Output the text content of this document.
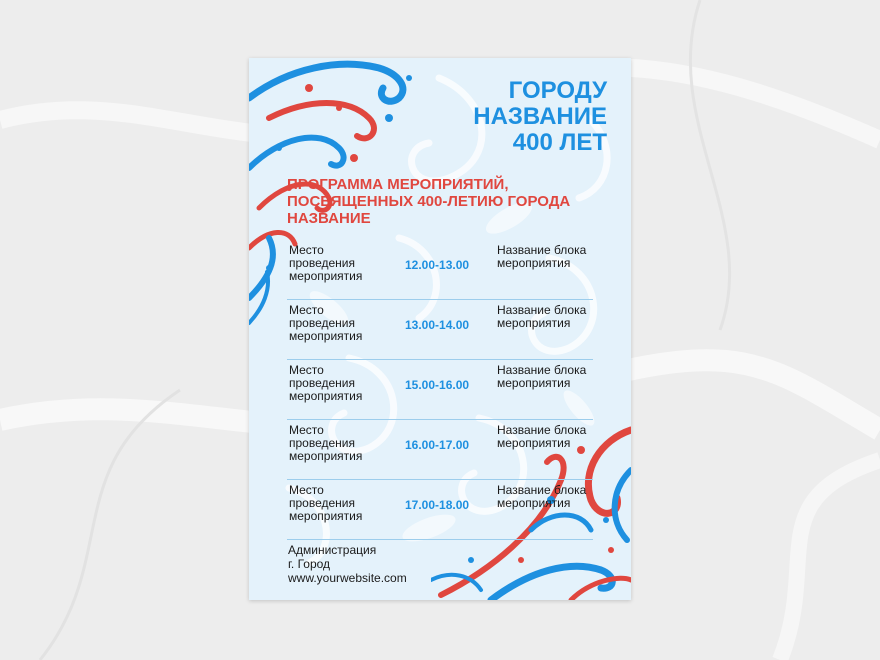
ГОРОДУ
НАЗВАНИЕ
400 ЛЕТ
ПРОГРАММА МЕРОПРИЯТИЙ, ПОСВЯЩЕННЫХ 400-ЛЕТИЮ ГОРОДА НАЗВАНИЕ
Место проведения мероприятия
12.00-13.00
Название блока мероприятия
Место проведения мероприятия
13.00-14.00
Название блока мероприятия
Место проведения мероприятия
15.00-16.00
Название блока мероприятия
Место проведения мероприятия
16.00-17.00
Название блока мероприятия
Место проведения мероприятия
17.00-18.00
Название блока мероприятия
Администрация
г. Город
www.yourwebsite.com
